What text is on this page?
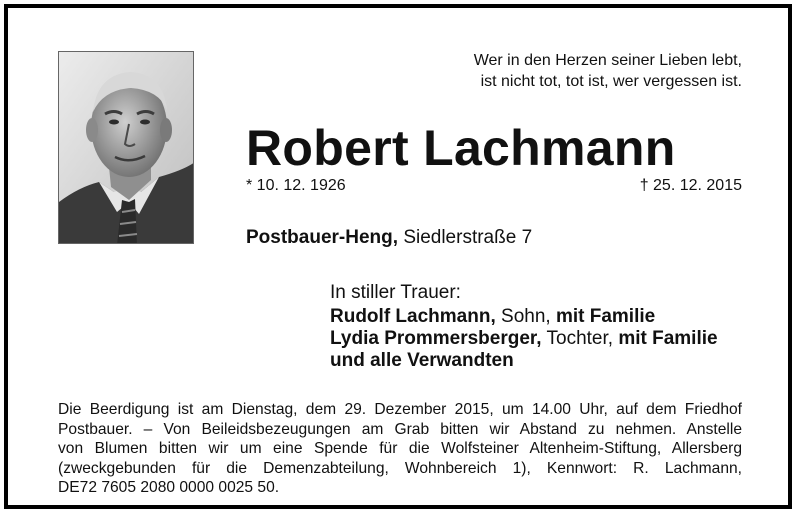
Wer in den Herzen seiner Lieben lebt,
ist nicht tot, tot ist, wer vergessen ist.
Robert Lachmann
* 10. 12. 1926	† 25. 12. 2015
Postbauer-Heng, Siedlerstraße 7
In stiller Trauer:
Rudolf Lachmann, Sohn, mit Familie
Lydia Prommersberger, Tochter, mit Familie
und alle Verwandten
Die Beerdigung ist am Dienstag, dem 29. Dezember 2015, um 14.00 Uhr, auf dem Friedhof
Postbauer. – Von Beileidsbezeugungen am Grab bitten wir Abstand zu nehmen. Anstelle
von Blumen bitten wir um eine Spende für die Wolfsteiner Altenheim-Stiftung, Allersberg
(zweckgebunden für die Demenzabteilung, Wohnbereich 1), Kennwort: R. Lachmann,
DE72 7605 2080 0000 0025 50.
